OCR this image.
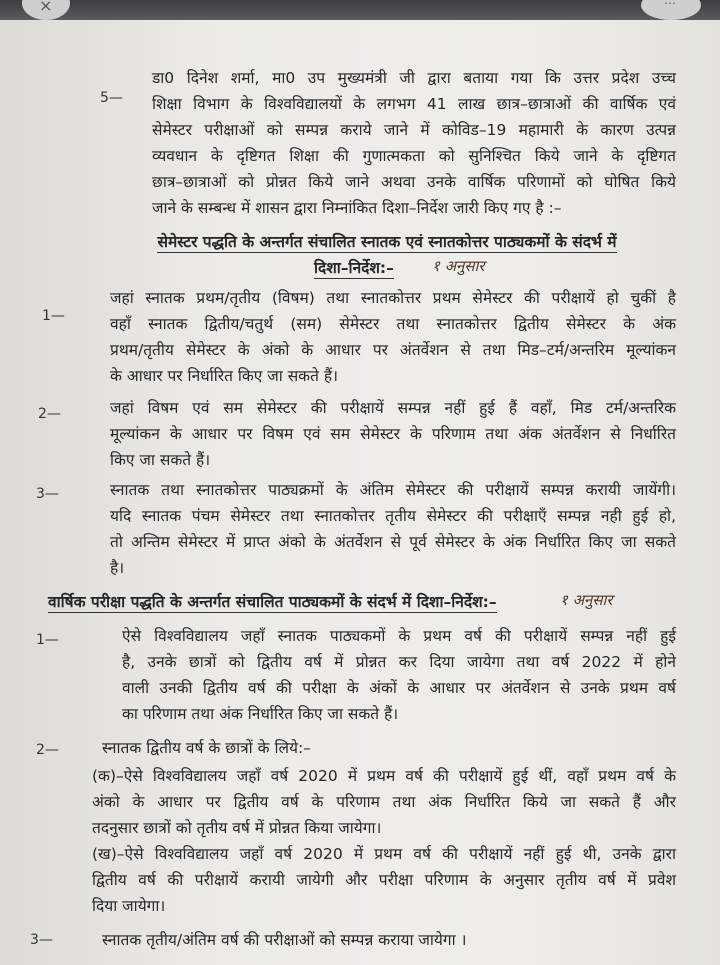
×	⋯
5—
डा0 दिनेश शर्मा, मा0 उप मुख्यमंत्री जी द्वारा बताया गया कि उत्तर प्रदेश उच्च
शिक्षा विभाग के विश्वविद्यालयों के लगभग 41 लाख छात्र–छात्राओं की वार्षिक एवं
सेमेस्टर परीक्षाओं को सम्पन्न कराये जाने में कोविड–19 महामारी के कारण उत्पन्न
व्यवधान के दृष्टिगत शिक्षा की गुणात्मकता को सुनिश्चित किये जाने के दृष्टिगत
छात्र–छात्राओं को प्रोन्नत किये जाने अथवा उनके वार्षिक परिणामों को घोषित किये
जाने के सम्बन्ध में शासन द्वारा निम्नांकित दिशा–निर्देश जारी किए गए है :–
सेमेस्टर पद्धति के अन्तर्गत संचालित स्नातक एवं स्नातकोत्तर पाठ्यकमों के संदर्भ में
दिशा–निर्देश:–	१ अनुसार
1—
जहां स्नातक प्रथम/तृतीय (विषम) तथा स्नातकोत्तर प्रथम सेमेस्टर की परीक्षायें हो चुकीं है
वहाँ स्नातक द्वितीय/चतुर्थ (सम) सेमेस्टर तथा स्नातकोत्तर द्वितीय सेमेस्टर के अंक
प्रथम/तृतीय सेमेस्टर के अंको के आधार पर अंतर्वेशन से तथा मिड–टर्म/अन्तरिम मूल्यांकन
के आधार पर निर्धारित किए जा सकते हैं।
2—	जहां विषम एवं सम सेमेस्टर की परीक्षायें सम्पन्न नहीं हुई हैं वहाँ, मिड टर्म/अन्तरिक
मूल्यांकन के आधार पर विषम एवं सम सेमेस्टर के परिणाम तथा अंक अंतर्वेशन से निर्धारित
किए जा सकते हैं।
3—	स्नातक तथा स्नातकोत्तर पाठ्यक्रमों के अंतिम सेमेस्टर की परीक्षायें सम्पन्न करायी जायेंगी।
यदि स्नातक पंचम सेमेस्टर तथा स्नातकोत्तर तृतीय सेमेस्टर की परीक्षाएँ सम्पन्न नही हुई हो,
तो अन्तिम सेमेस्टर में प्राप्त अंको के अंतर्वेशन से पूर्व सेमेस्टर के अंक निर्धारित किए जा सकते
है।
वार्षिक परीक्षा पद्धति के अन्तर्गत संचालित पाठ्यकमों के संदर्भ में दिशा–निर्देश:–	१ अनुसार
1—	ऐसे विश्वविद्यालय जहाँ स्नातक पाठ्यकमों के प्रथम वर्ष की परीक्षायें सम्पन्न नहीं हुई
है, उनके छात्रों को द्वितीय वर्ष में प्रोन्नत कर दिया जायेगा तथा वर्ष 2022 में होने
वाली उनकी द्वितीय वर्ष की परीक्षा के अंकों के आधार पर अंतर्वेशन से उनके प्रथम वर्ष
का परिणाम तथा अंक निर्धारित किए जा सकते हैं।
2—	स्नातक द्वितीय वर्ष के छात्रों के लिये:–
(क)–ऐसे विश्वविद्यालय जहाँ वर्ष 2020 में प्रथम वर्ष की परीक्षायें हुई थीं, वहाँ प्रथम वर्ष के
अंको के आधार पर द्वितीय वर्ष के परिणाम तथा अंक निर्धारित किये जा सकते हैं और
तदनुसार छात्रों को तृतीय वर्ष में प्रोन्नत किया जायेगा।
(ख)–ऐसे विश्वविद्यालय जहाँ वर्ष 2020 में प्रथम वर्ष की परीक्षायें नहीं हुई थी, उनके द्वारा
द्वितीय वर्ष की परीक्षायें करायी जायेगी और परीक्षा परिणाम के अनुसार तृतीय वर्ष में प्रवेश
दिया जायेगा।
3—	स्नातक तृतीय/अंतिम वर्ष की परीक्षाओं को सम्पन्न कराया जायेगा ।
